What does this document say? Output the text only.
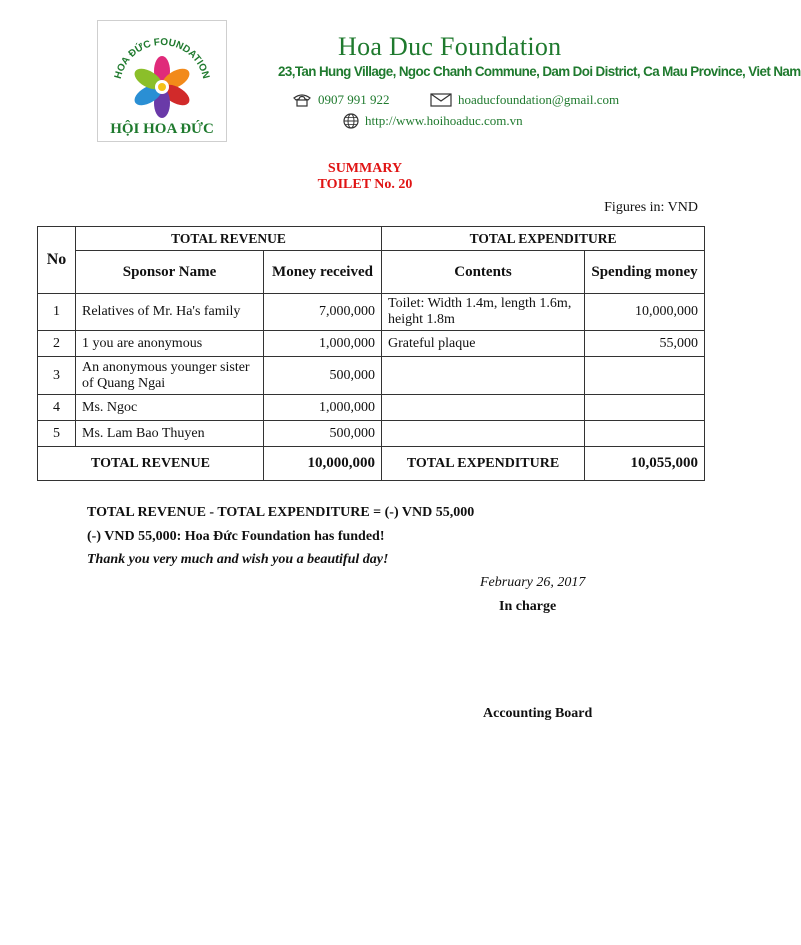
HOA ĐỨC FOUNDATION
HỘI HOA ĐỨC
Hoa Duc Foundation
23,Tan Hung Village, Ngoc Chanh Commune, Dam Doi District, Ca Mau Province, Viet Nam
0907 991 922	hoaducfoundation@gmail.com
http://www.hoihoaduc.com.vn
SUMMARY
TOILET No. 20
Figures in: VND
No	TOTAL REVENUE		TOTAL EXPENDITURE	
	Sponsor Name	Money received	Contents	Spending money
1	Relatives of Mr. Ha's family	7,000,000	Toilet: Width 1.4m, length 1.6m, height 1.8m	10,000,000
2	1 you are anonymous	1,000,000	Grateful plaque	55,000
3	An anonymous younger sister of Quang Ngai	500,000		
4	Ms. Ngoc	1,000,000		
5	Ms. Lam Bao Thuyen	500,000		
TOTAL REVENUE		10,000,000	TOTAL EXPENDITURE	10,055,000
TOTAL REVENUE - TOTAL EXPENDITURE = (-) VND 55,000
(-) VND 55,000: Hoa Đức Foundation has funded!
Thank you very much and wish you a beautiful day!
February 26, 2017
In charge
Accounting Board
